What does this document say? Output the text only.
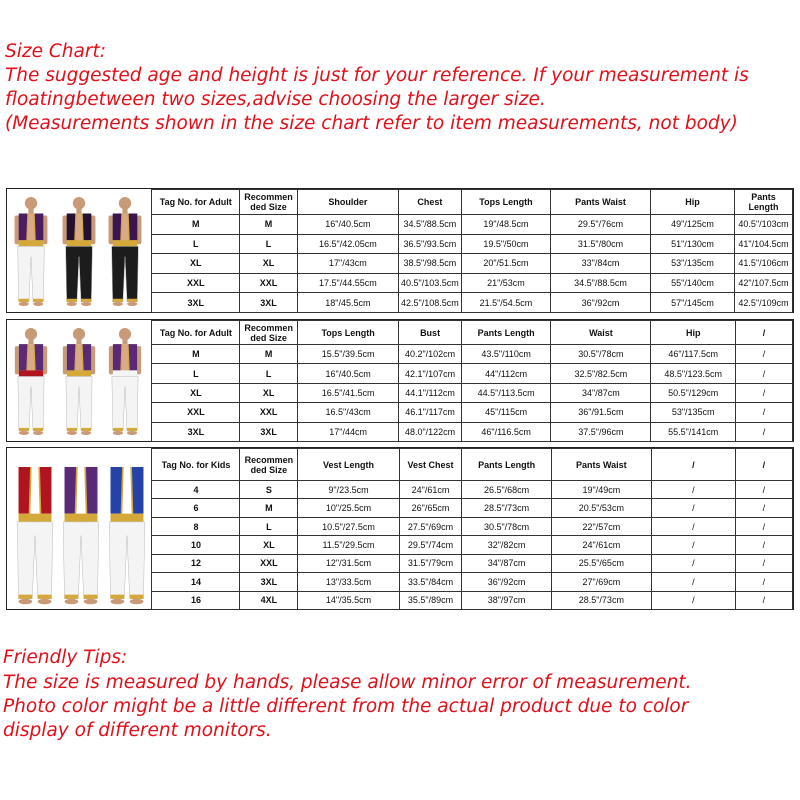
Size Chart:
The suggested age and height is just for your reference. If your measurement is
floatingbetween two sizes,advise choosing the larger size.
(Measurements shown in the size chart refer to item measurements, not body)
	Tag No. for Adult	Recommen ded Size	Shoulder	Chest	Tops Length	Pants Waist	Hip	Pants Length
	M	M	16"/40.5cm	34.5"/88.5cm	19"/48.5cm	29.5"/76cm	49"/125cm	40.5"/103cm
	L	L	16.5"/42.05cm	36.5"/93.5cm	19.5"/50cm	31.5"/80cm	51"/130cm	41"/104.5cm
	XL	XL	17"/43cm	38.5"/98.5cm	20"/51.5cm	33"/84cm	53"/135cm	41.5"/106cm
	XXL	XXL	17.5"/44.55cm	40.5"/103.5cm	21"/53cm	34.5"/88.5cm	55"/140cm	42"/107.5cm
	3XL	3XL	18"/45.5cm	42.5"/108.5cm	21.5"/54.5cm	36"/92cm	57"/145cm	42.5"/109cm
	Tag No. for Adult	Recommen ded Size	Tops Length	Bust	Pants Length	Waist	Hip	/
	M	M	15.5"/39.5cm	40.2"/102cm	43.5"/110cm	30.5"/78cm	46"/117.5cm	/
	L	L	16"/40.5cm	42.1"/107cm	44"/112cm	32.5"/82.5cm	48.5"/123.5cm	/
	XL	XL	16.5"/41.5cm	44.1"/112cm	44.5"/113.5cm	34"/87cm	50.5"/129cm	/
	XXL	XXL	16.5"/43cm	46.1"/117cm	45"/115cm	36"/91.5cm	53"/135cm	/
	3XL	3XL	17"/44cm	48.0"/122cm	46"/116.5cm	37.5"/96cm	55.5"/141cm	/
	Tag No. for Kids	Recommen ded Size	Vest Length	Vest Chest	Pants Length	Pants Waist	/	/
	4	S	9"/23.5cm	24"/61cm	26.5"/68cm	19"/49cm	/	/
	6	M	10"/25.5cm	26"/65cm	28.5"/73cm	20.5"/53cm	/	/
	8	L	10.5"/27.5cm	27.5"/69cm	30.5"/78cm	22"/57cm	/	/
	10	XL	11.5"/29.5cm	29.5"/74cm	32"/82cm	24"/61cm	/	/
	12	XXL	12"/31.5cm	31.5"/79cm	34"/87cm	25.5"/65cm	/	/
	14	3XL	13"/33.5cm	33.5"/84cm	36"/92cm	27"/69cm	/	/
	16	4XL	14"/35.5cm	35.5"/89cm	38"/97cm	28.5"/73cm	/	/
Friendly Tips:
The size is measured by hands, please allow minor error of measurement.
Photo color might be a little different from the actual product due to color
display of different monitors.
